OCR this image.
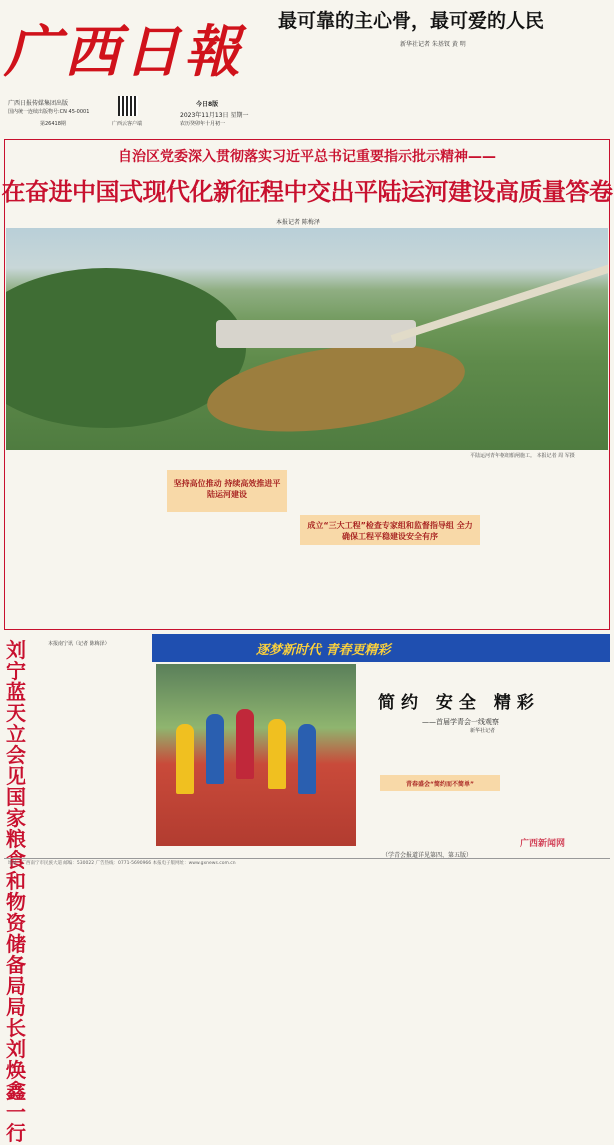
广西日報
广西日报传媒集团出版
国内统一连续出版物号:CN 45-0001
第26418期	广西云客户端
今日8版
2023年11月13日 星期一
农历癸卯年十月初一
最可靠的主心骨，最可爱的人民
新华社记者 朱基钗 黄 明
自治区党委深入贯彻落实习近平总书记重要指示批示精神——
在奋进中国式现代化新征程中交出平陆运河建设高质量答卷
本报记者 陈梅泽
平陆运河青年枢纽船闸施工。 本报记者 周 军摄
坚持高位推动 持续高效推进平陆运河建设
成立“三大工程”检查专家组和监督指导组 全力确保工程平稳建设安全有序
刘宁蓝天立会见国家粮食和物资储备局局长刘焕鑫一行
本报南宁讯（记者 陈梅泽）	逐梦新时代 青春更精彩
简约 安全 精彩
——首届学青会一线观察
新华社记者
青春盛会“简约而不简单”
（学青会报道详见第四、第五版）
地址：广西南宁市民族大道 邮编：530022 广告热线：0771-5690966 本报电子版网址：www.gxnews.com.cn
广西新闻网
